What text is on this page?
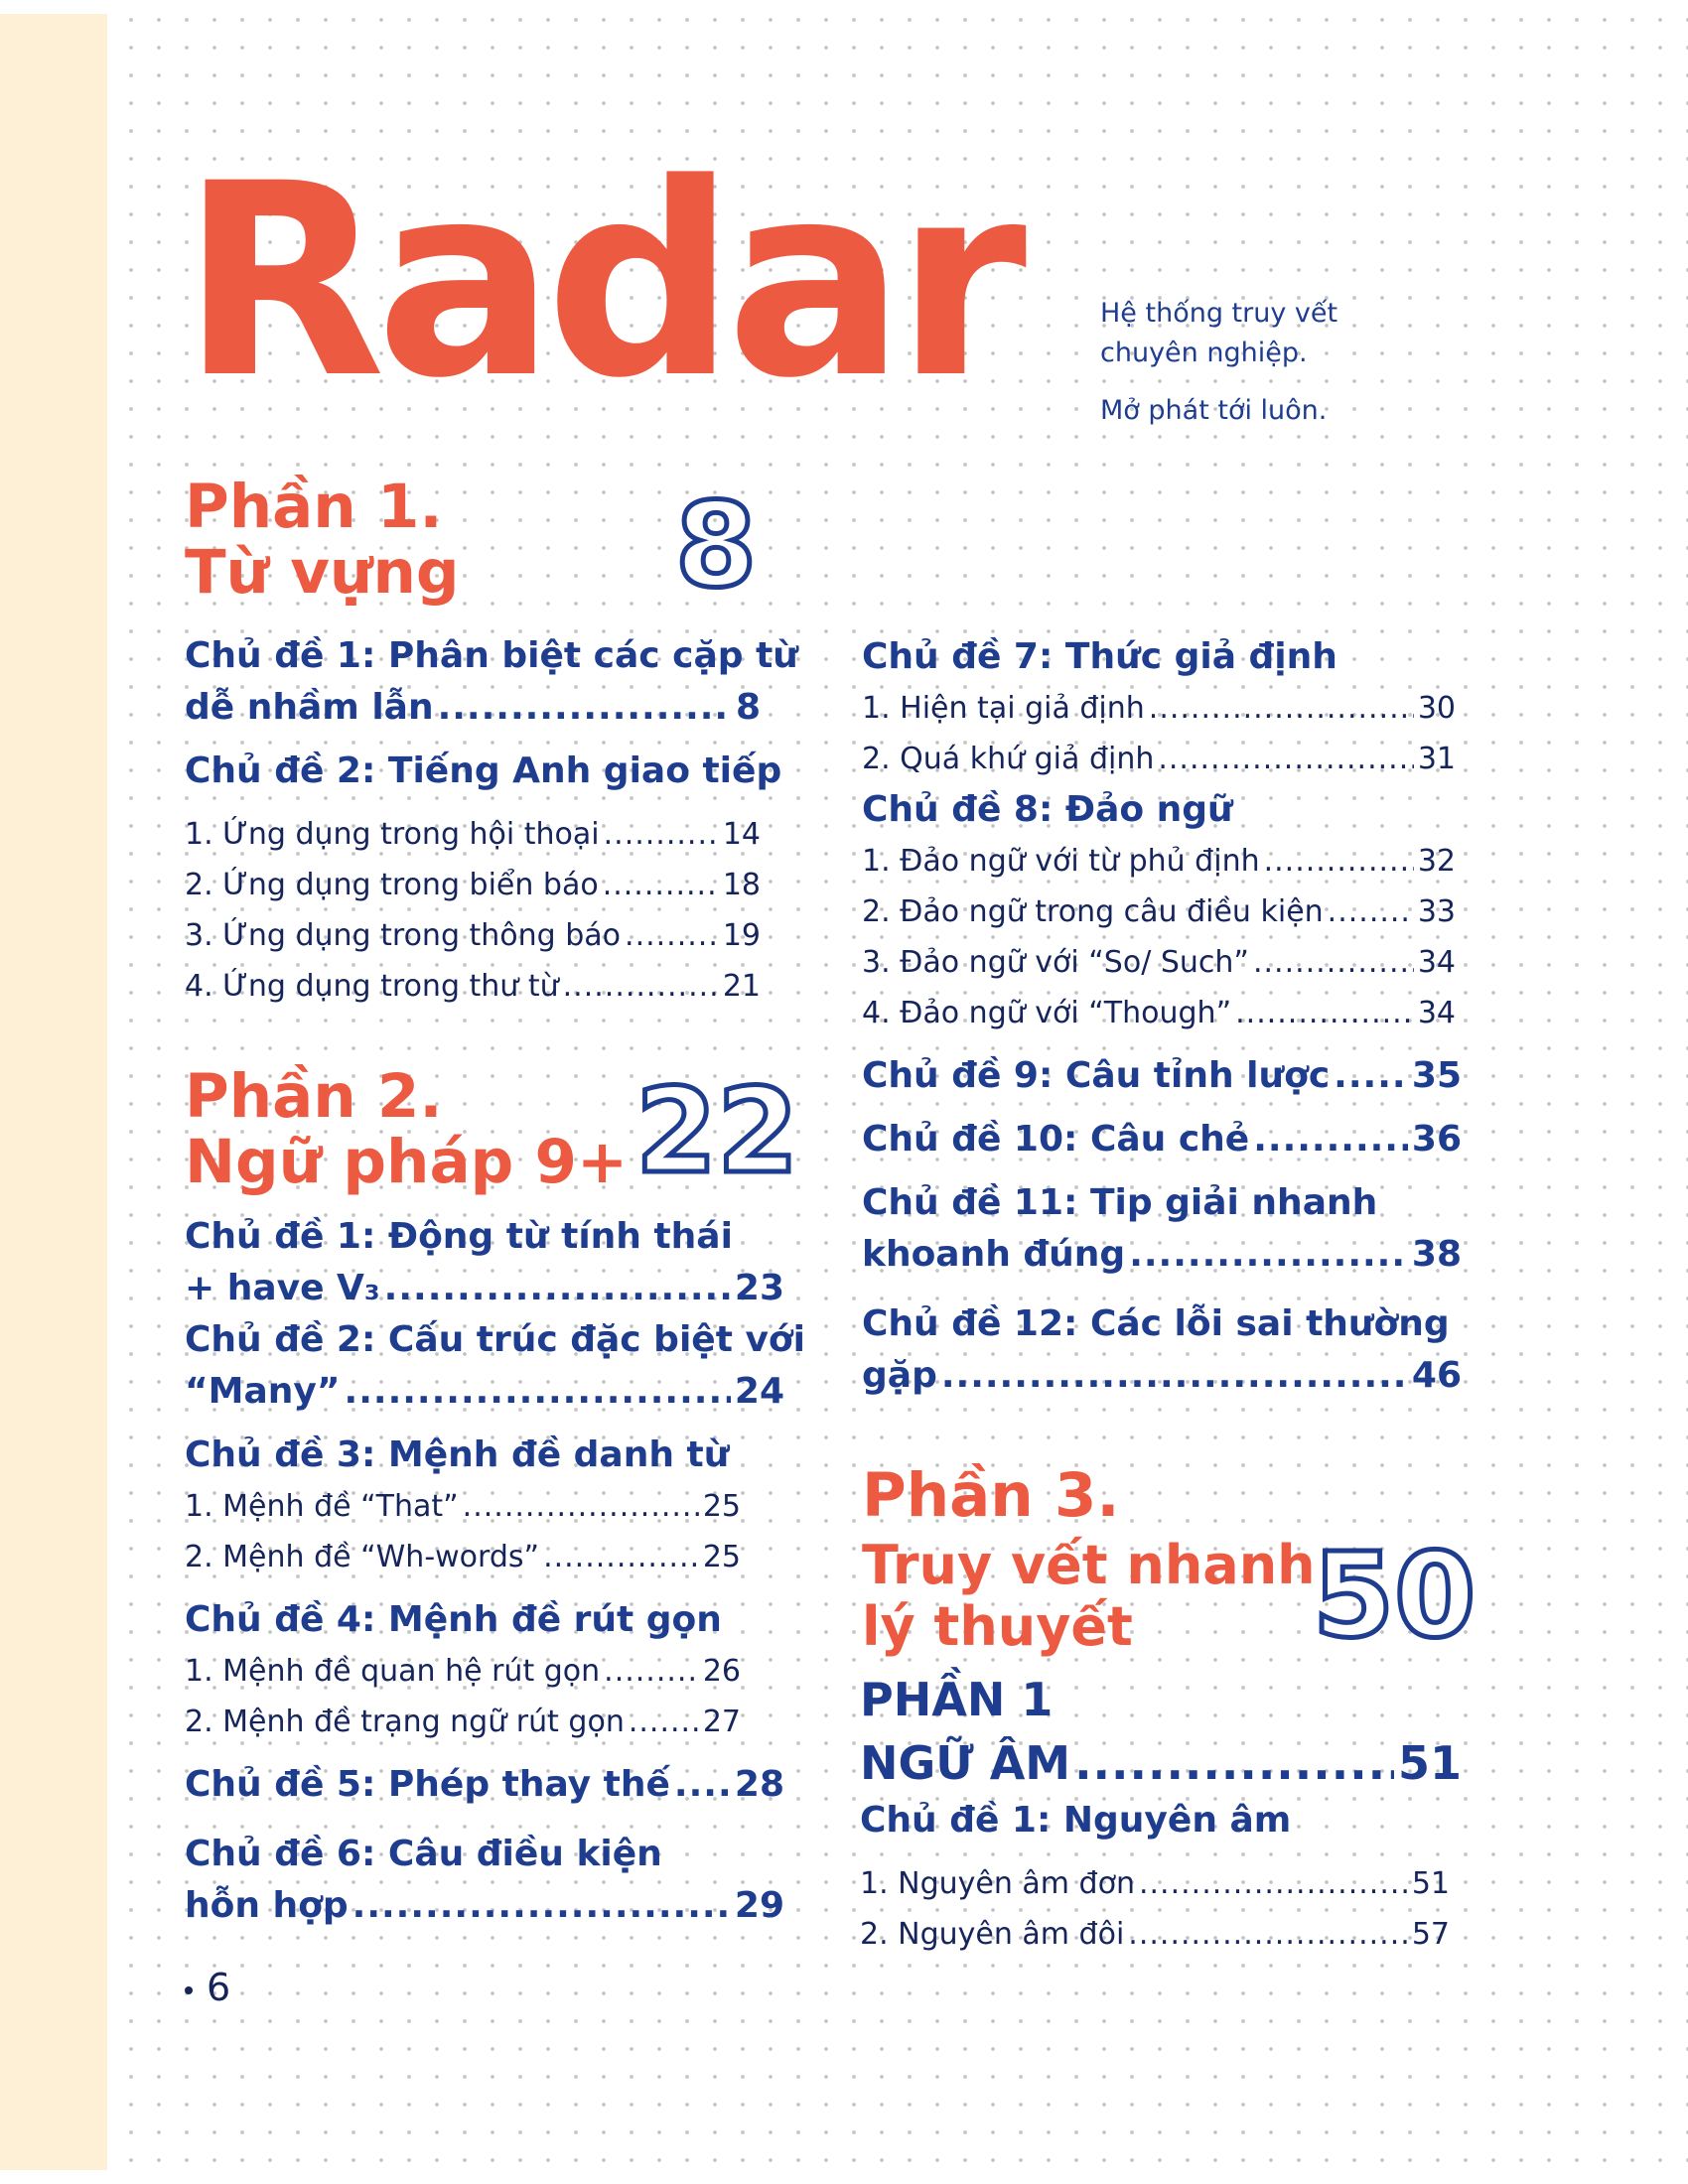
Radar	Hệ thống truy vết
chuyên nghiệp.
Mở phát tới luôn.
Phần 1.
Từ vựng 8
Chủ đề 1: Phân biệt các cặp từ
dễ nhầm lẫn .....	8
Chủ đề 2: Tiếng Anh giao tiếp
1. Ứng dụng trong hội thoại .....	14
2. Ứng dụng trong biển báo .....	18
3. Ứng dụng trong thông báo .....	19
4. Ứng dụng trong thư từ .....	21
Phần 2.
Ngữ pháp 9+ 22
Chủ đề 1: Động từ tính thái
+ have V₃ .....	23
Chủ đề 2: Cấu trúc đặc biệt với
“Many” .....	24
Chủ đề 3: Mệnh đề danh từ
1. Mệnh đề “That” .....	25
2. Mệnh đề “Wh-words” .....	25
Chủ đề 4: Mệnh đề rút gọn
1. Mệnh đề quan hệ rút gọn .....	26
2. Mệnh đề trạng ngữ rút gọn .....	27
Chủ đề 5: Phép thay thế ..... 28
Chủ đề 6: Câu điều kiện
hỗn hợp .....	29
Chủ đề 7: Thức giả định
1. Hiện tại giả định .....	30
2. Quá khứ giả định .....	31
Chủ đề 8: Đảo ngữ
1. Đảo ngữ với từ phủ định .....	32
2. Đảo ngữ trong câu điều kiện .....	33
3. Đảo ngữ với “So/ Such” .....	34
4. Đảo ngữ với “Though” .....	34
Chủ đề 9: Câu tỉnh lược ..... 35
Chủ đề 10: Câu chẻ .....	36
Chủ đề 11: Tip giải nhanh
khoanh đúng .....	38
Chủ đề 12: Các lỗi sai thường
gặp .....	46
Phần 3.
Truy vết nhanh
lý thuyết	50
PHẦN 1
NGỮ ÂM .....	51
Chủ đề 1: Nguyên âm
1. Nguyên âm đơn .....	51
2. Nguyên âm đôi .....	57
6
